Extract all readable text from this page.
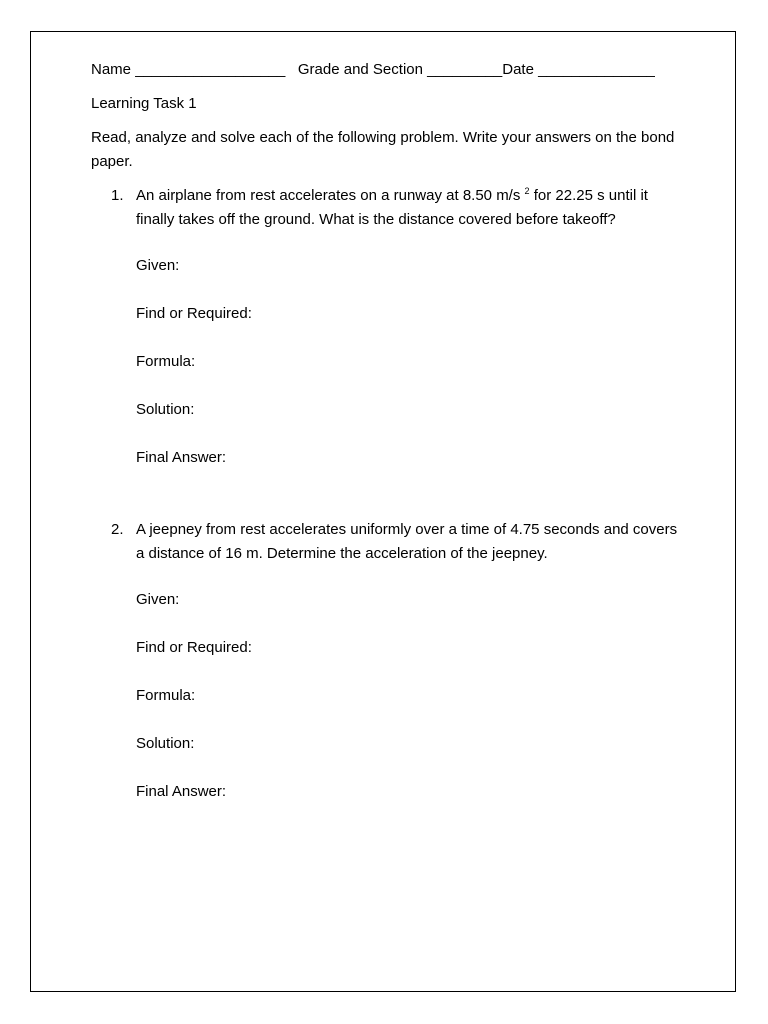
Name __________________ Grade and Section _________Date ______________
Learning Task 1
Read, analyze and solve each of the following problem. Write your answers on the bond paper.
1. An airplane from rest accelerates on a runway at 8.50 m/s $^2$ for 22.25 s until it finally takes off the ground. What is the distance covered before takeoff?
Given:
Find or Required:
Formula:
Solution:
Final Answer:
2. A jeepney from rest accelerates uniformly over a time of 4.75 seconds and covers a distance of 16 m. Determine the acceleration of the jeepney.
Given:
Find or Required:
Formula:
Solution:
Final Answer:
